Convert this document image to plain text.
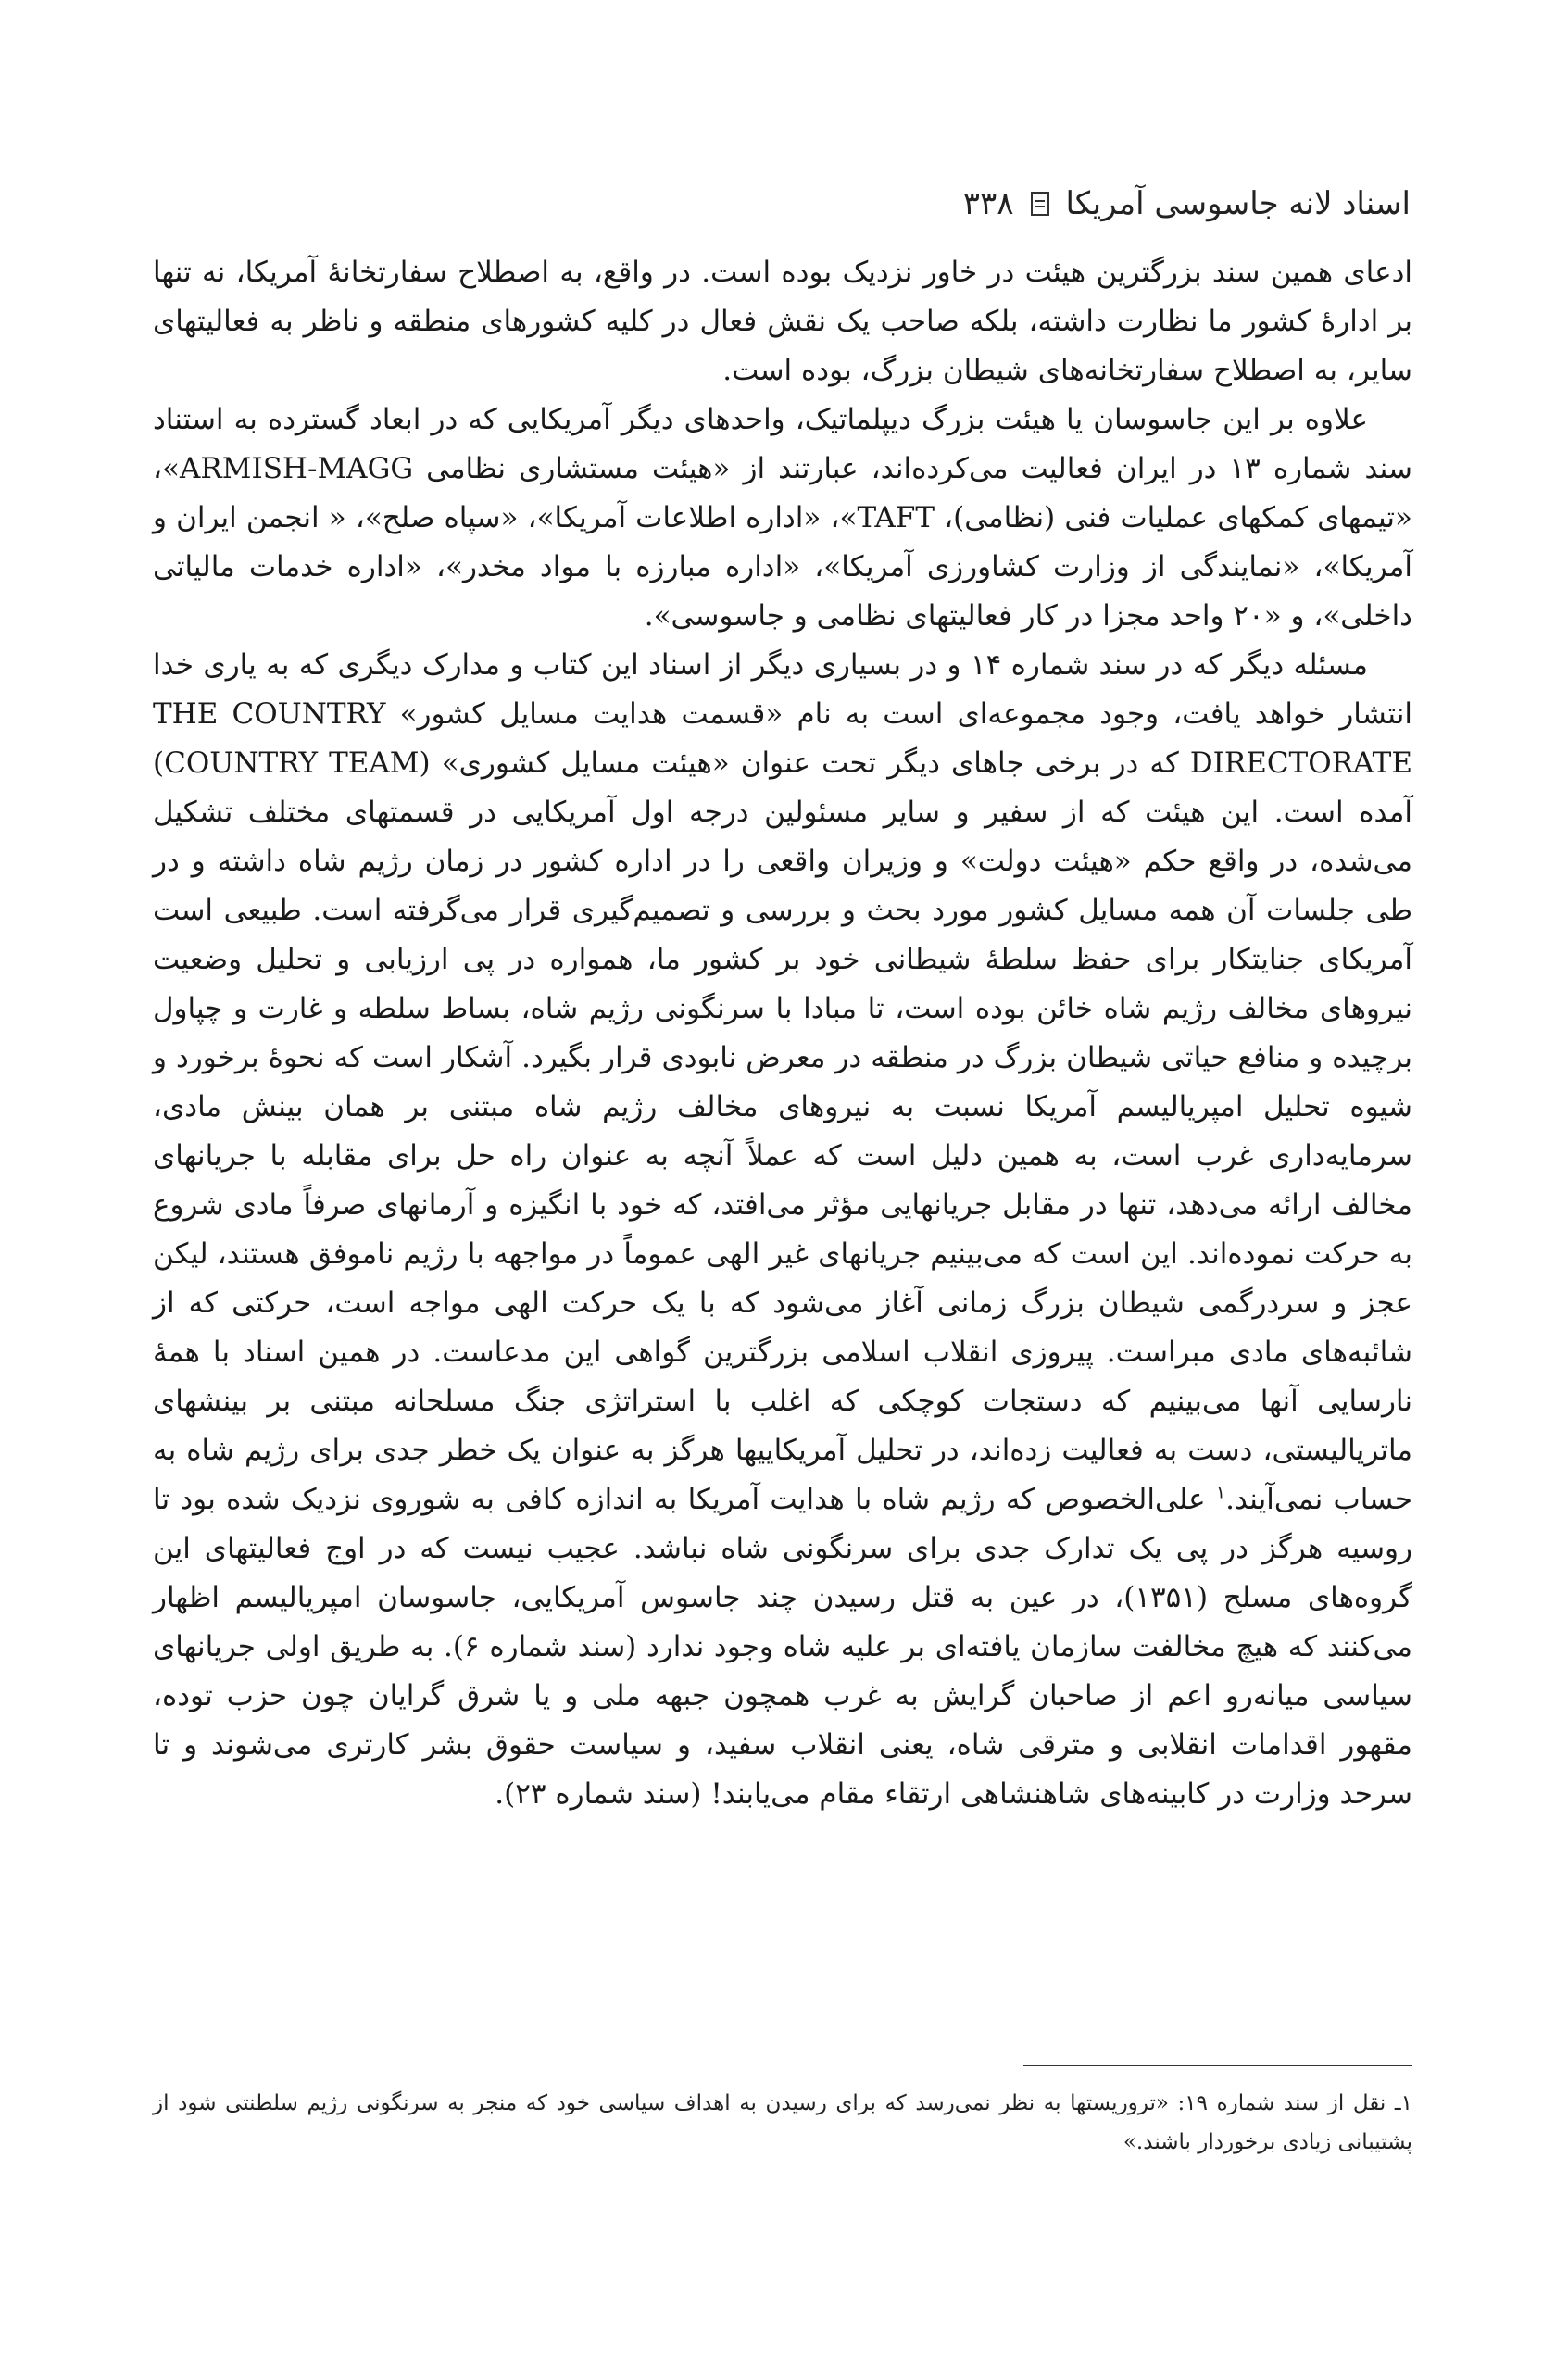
اسناد لانه جاسوسی آمریکا
۳۳۸

ادعای همین سند بزرگترین هیئت در خاور نزدیک بوده است. در واقع، به اصطلاح سفارتخانهٔ آمریکا، نه تنها بر ادارهٔ کشور ما نظارت داشته، بلکه صاحب یک نقش فعال در کلیه کشورهای منطقه و ناظر به فعالیتهای سایر، به اصطلاح سفارتخانه‌های شیطان بزرگ، بوده است.

علاوه بر این جاسوسان یا هیئت بزرگ دیپلماتیک، واحدهای دیگر آمریکایی که در ابعاد گسترده به استناد سند شماره ۱۳ در ایران فعالیت می‌کرده‌اند، عبارتند از «هیئت مستشاری نظامی ARMISH-MAGG»، «تیمهای کمکهای عملیات فنی (نظامی)، TAFT»، «اداره اطلاعات آمریکا»، «سپاه صلح»، « انجمن ایران و آمریکا»، «نمایندگی از وزارت کشاورزی آمریکا»، «اداره مبارزه با مواد مخدر»، «اداره خدمات مالیاتی داخلی»، و «۲۰ واحد مجزا در کار فعالیتهای نظامی و جاسوسی».

مسئله دیگر که در سند شماره ۱۴ و در بسیاری دیگر از اسناد این کتاب و مدارک دیگری که به یاری خدا انتشار خواهد یافت، وجود مجموعه‌ای است به نام «قسمت هدایت مسایل کشور» THE COUNTRY DIRECTORATE که در برخی جاهای دیگر تحت عنوان «هیئت مسایل کشوری» (COUNTRY TEAM) آمده است. این هیئت که از سفیر و سایر مسئولین درجه اول آمریکایی در قسمتهای مختلف تشکیل می‌شده، در واقع حکم «هیئت دولت» و وزیران واقعی را در اداره کشور در زمان رژیم شاه داشته و در طی جلسات آن همه مسایل کشور مورد بحث و بررسی و تصمیم‌گیری قرار می‌گرفته است. طبیعی است آمریکای جنایتکار برای حفظ سلطهٔ شیطانی خود بر کشور ما، همواره در پی ارزیابی و تحلیل وضعیت نیروهای مخالف رژیم شاه خائن بوده است، تا مبادا با سرنگونی رژیم شاه، بساط سلطه و غارت و چپاول برچیده و منافع حیاتی شیطان بزرگ در منطقه در معرض نابودی قرار بگیرد. آشکار است که نحوهٔ برخورد و شیوه تحلیل امپریالیسم آمریکا نسبت به نیروهای مخالف رژیم شاه مبتنی بر همان بینش مادی، سرمایه‌داری غرب است، به همین دلیل است که عملاً آنچه به عنوان راه حل برای مقابله با جریانهای مخالف ارائه می‌دهد، تنها در مقابل جریانهایی مؤثر می‌افتد، که خود با انگیزه و آرمانهای صرفاً مادی شروع به حرکت نموده‌اند. این است که می‌بینیم جریانهای غیر الهی عموماً در مواجهه با رژیم ناموفق هستند، لیکن عجز و سردرگمی شیطان بزرگ زمانی آغاز می‌شود که با یک حرکت الهی مواجه است، حرکتی که از شائبه‌های مادی مبراست. پیروزی انقلاب اسلامی بزرگترین گواهی این مدعاست. در همین اسناد با همهٔ نارسایی آنها می‌بینیم که دستجات کوچکی که اغلب با استراتژی جنگ مسلحانه مبتنی بر بینشهای ماتریالیستی، دست به فعالیت زده‌اند، در تحلیل آمریکاییها هرگز به عنوان یک خطر جدی برای رژیم شاه به حساب نمی‌آیند.$^۱$ علی‌الخصوص که رژیم شاه با هدایت آمریکا به اندازه کافی به شوروی نزدیک شده بود تا روسیه هرگز در پی یک تدارک جدی برای سرنگونی شاه نباشد. عجیب نیست که در اوج فعالیتهای این گروه‌های مسلح (۱۳۵۱)، در عین به قتل رسیدن چند جاسوس آمریکایی، جاسوسان امپریالیسم اظهار می‌کنند که هیچ مخالفت سازمان یافته‌ای بر علیه شاه وجود ندارد (سند شماره ۶). به طریق اولی جریانهای سیاسی میانه‌رو اعم از صاحبان گرایش به غرب همچون جبهه ملی و یا شرق گرایان چون حزب توده، مقهور اقدامات انقلابی و مترقی شاه، یعنی انقلاب سفید، و سیاست حقوق بشر کارتری می‌شوند و تا سرحد وزارت در کابینه‌های شاهنشاهی ارتقاء مقام می‌یابند! (سند شماره ۲۳).

۱ـ نقل از سند شماره ۱۹: «تروریستها به نظر نمی‌رسد که برای رسیدن به اهداف سیاسی خود که منجر به سرنگونی رژیم سلطنتی شود از پشتیبانی زیادی برخوردار باشند.»
